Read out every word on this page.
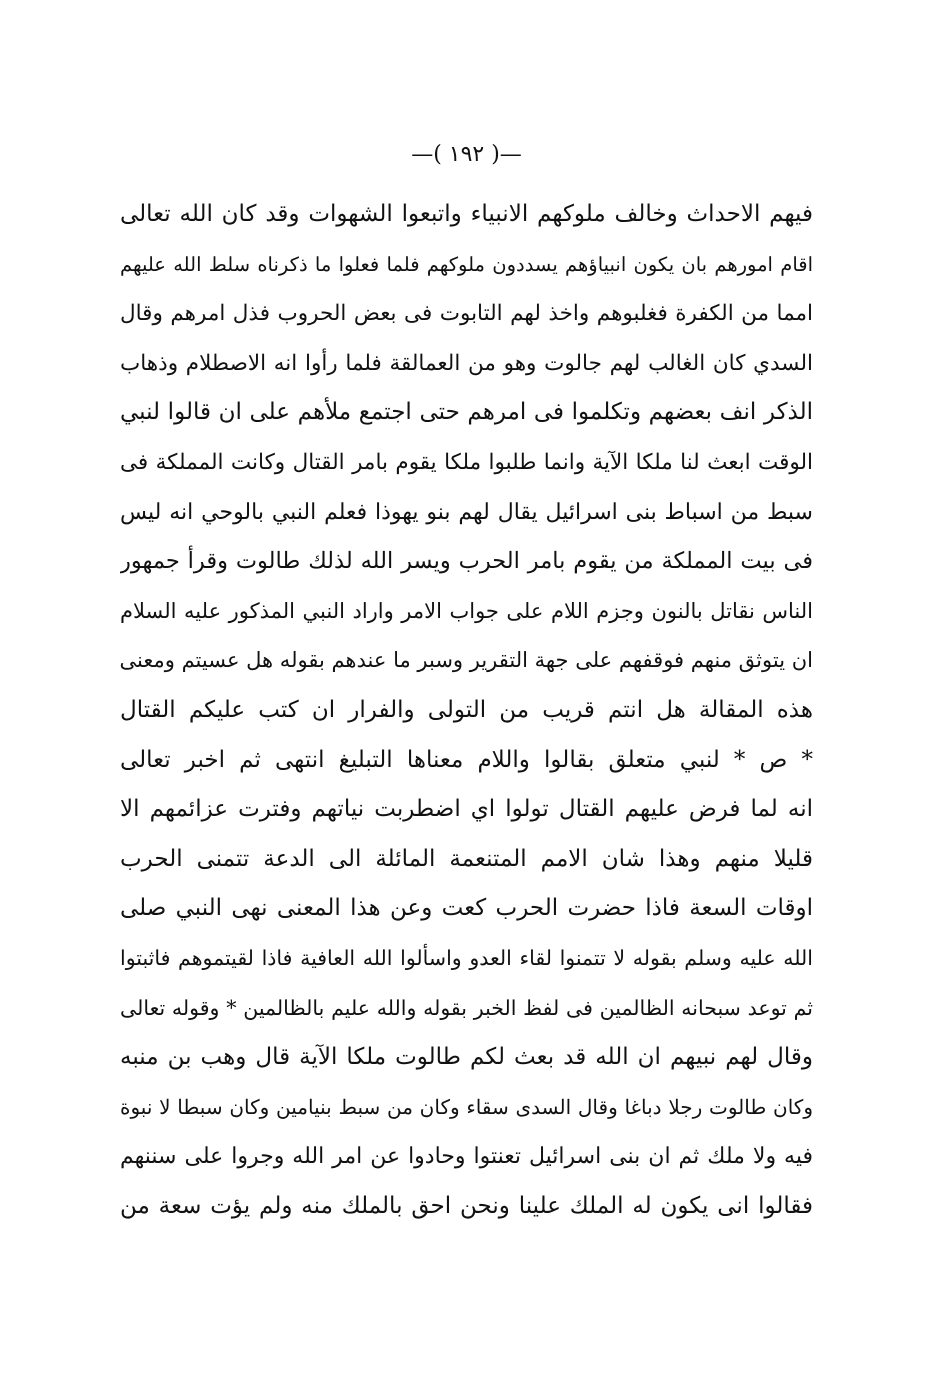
—( ١٩٢ )—
فيهم الاحداث وخالف ملوكهم الانبياء واتبعوا الشهوات وقد كان الله تعالى
اقام امورهم بان يكون انبياؤهم يسددون ملوكهم فلما فعلوا ما ذكرناه سلط الله عليهم
امما من الكفرة فغلبوهم واخذ لهم التابوت فى بعض الحروب فذل امرهم وقال
السدي كان الغالب لهم جالوت وهو من العمالقة فلما رأوا انه الاصطلام وذهاب
الذكر انف بعضهم وتكلموا فى امرهم حتى اجتمع ملأهم على ان قالوا لنبي
الوقت ابعث لنا ملكا الآية وانما طلبوا ملكا يقوم بامر القتال وكانت المملكة فى
سبط من اسباط بنى اسرائيل يقال لهم بنو يهوذا فعلم النبي بالوحي انه ليس
فى بيت المملكة من يقوم بامر الحرب ويسر الله لذلك طالوت وقرأ جمهور
الناس نقاتل بالنون وجزم اللام على جواب الامر واراد النبي المذكور عليه السلام
ان يتوثق منهم فوقفهم على جهة التقرير وسبر ما عندهم بقوله هل عسيتم ومعنى
هذه المقالة هل انتم قريب من التولى والفرار ان كتب عليكم القتال
* ص * لنبي متعلق بقالوا واللام معناها التبليغ انتهى ثم اخبر تعالى
انه لما فرض عليهم القتال تولوا اي اضطربت نياتهم وفترت عزائمهم الا
قليلا منهم وهذا شان الامم المتنعمة المائلة الى الدعة تتمنى الحرب
اوقات السعة فاذا حضرت الحرب كعت وعن هذا المعنى نهى النبي صلى
الله عليه وسلم بقوله لا تتمنوا لقاء العدو واسألوا الله العافية فاذا لقيتموهم فاثبتوا
ثم توعد سبحانه الظالمين فى لفظ الخبر بقوله والله عليم بالظالمين * وقوله تعالى
وقال لهم نبيهم ان الله قد بعث لكم طالوت ملكا الآية قال وهب بن منبه
وكان طالوت رجلا دباغا وقال السدى سقاء وكان من سبط بنيامين وكان سبطا لا نبوة
فيه ولا ملك ثم ان بنى اسرائيل تعنتوا وحادوا عن امر الله وجروا على سننهم
فقالوا انى يكون له الملك علينا ونحن احق بالملك منه ولم يؤت سعة من
